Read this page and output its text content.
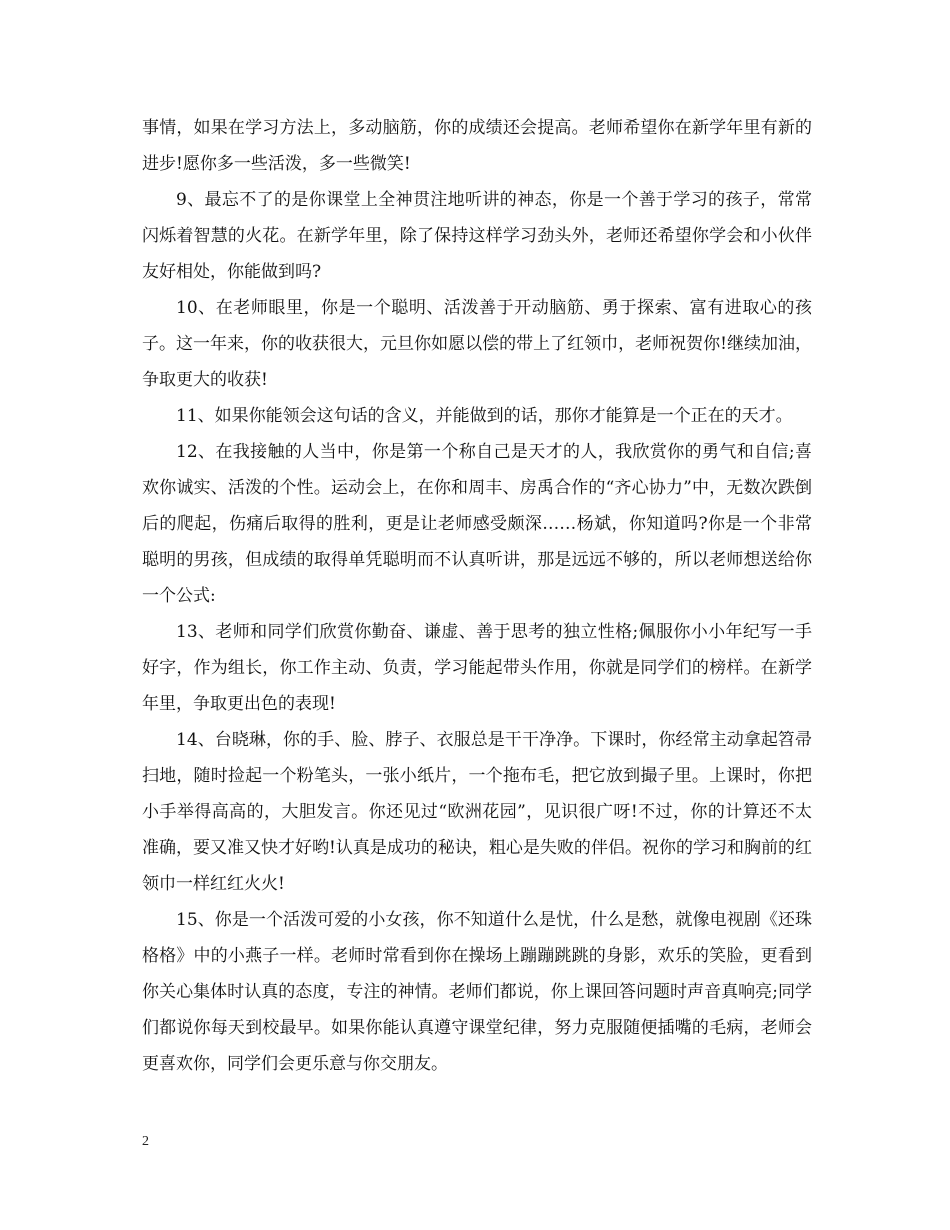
事情，如果在学习方法上，多动脑筋，你的成绩还会提高。老师希望你在新学年里有新的进步!愿你多一些活泼，多一些微笑!

9、最忘不了的是你课堂上全神贯注地听讲的神态，你是一个善于学习的孩子，常常闪烁着智慧的火花。在新学年里，除了保持这样学习劲头外，老师还希望你学会和小伙伴友好相处，你能做到吗?

10、在老师眼里，你是一个聪明、活泼善于开动脑筋、勇于探索、富有进取心的孩子。这一年来，你的收获很大，元旦你如愿以偿的带上了红领巾，老师祝贺你!继续加油，争取更大的收获!

11、如果你能领会这句话的含义，并能做到的话，那你才能算是一个正在的天才。

12、在我接触的人当中，你是第一个称自己是天才的人，我欣赏你的勇气和自信;喜欢你诚实、活泼的个性。运动会上，在你和周丰、房禹合作的“齐心协力”中，无数次跌倒后的爬起，伤痛后取得的胜利，更是让老师感受颇深……杨斌，你知道吗?你是一个非常聪明的男孩，但成绩的取得单凭聪明而不认真听讲，那是远远不够的，所以老师想送给你一个公式:

13、老师和同学们欣赏你勤奋、谦虚、善于思考的独立性格;佩服你小小年纪写一手好字，作为组长，你工作主动、负责，学习能起带头作用，你就是同学们的榜样。在新学年里，争取更出色的表现!

14、台晓琳，你的手、脸、脖子、衣服总是干干净净。下课时，你经常主动拿起笤帚扫地，随时捡起一个粉笔头，一张小纸片，一个拖布毛，把它放到撮子里。上课时，你把小手举得高高的，大胆发言。你还见过“欧洲花园”，见识很广呀!不过，你的计算还不太准确，要又准又快才好哟!认真是成功的秘诀，粗心是失败的伴侣。祝你的学习和胸前的红领巾一样红红火火!

15、你是一个活泼可爱的小女孩，你不知道什么是忧，什么是愁，就像电视剧《还珠格格》中的小燕子一样。老师时常看到你在操场上蹦蹦跳跳的身影，欢乐的笑脸，更看到你关心集体时认真的态度，专注的神情。老师们都说，你上课回答问题时声音真响亮;同学们都说你每天到校最早。如果你能认真遵守课堂纪律，努力克服随便插嘴的毛病，老师会更喜欢你，同学们会更乐意与你交朋友。

2
